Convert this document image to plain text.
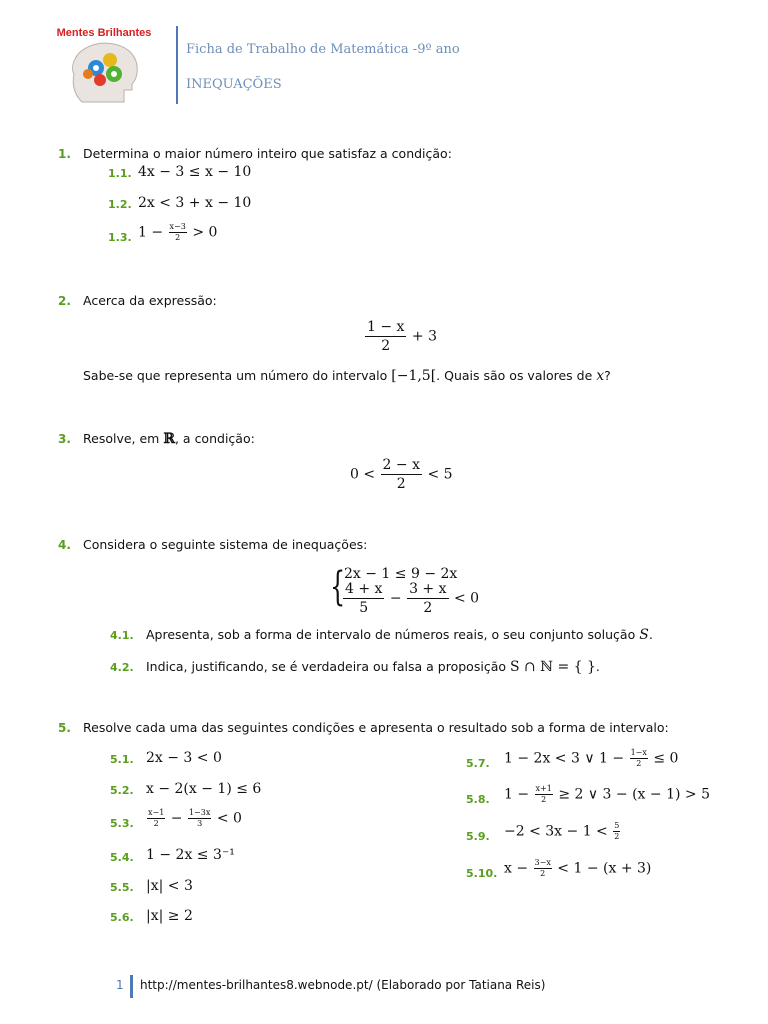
Mentes Brilhantes
Ficha de Trabalho de Matemática -9º ano
INEQUAÇÕES
1. Determina o maior número inteiro que satisfaz a condição:
1.1. 4x − 3 ≤ x − 10
1.2. 2x < 3 + x − 10
1.3. $1 - \frac{x-3}{2} > 0$
2. Acerca da expressão:
$\frac{1 - x}{2} + 3$
Sabe-se que representa um número do intervalo [−1,5[. Quais são os valores de x?
3. Resolve, em ℝ, a condição:
$0 < \frac{2 - x}{2} < 5$
4. Considera o seguinte sistema de inequações:
{
2x − 1 ≤ 9 − 2x
$\frac{4 + x}{5} - \frac{3 + x}{2} < 0$
4.1. Apresenta, sob a forma de intervalo de números reais, o seu conjunto solução S.
4.2. Indica, justificando, se é verdadeira ou falsa a proposição S ∩ ℕ = { }.
5. Resolve cada uma das seguintes condições e apresenta o resultado sob a forma de intervalo:
5.1. 2x − 3 < 0
5.2. x − 2(x − 1) ≤ 6
5.3. $\frac{x-1}{2} - \frac{1-3x}{3} < 0$
5.4. 1 − 2x ≤ 3⁻¹
5.5. |x| < 3
5.6. |x| ≥ 2
5.7. 1 − 2x < 3 ∨ $1 - \frac{1-x}{2} \le 0$
5.8. $1 - \frac{x+1}{2} \ge 2$ ∨ 3 − (x − 1) > 5
5.9. $-2 < 3x - 1 < \frac{5}{2}$
5.10. $x - \frac{3-x}{2} < 1 - (x + 3)$
1 http://mentes-brilhantes8.webnode.pt/ (Elaborado por Tatiana Reis)
